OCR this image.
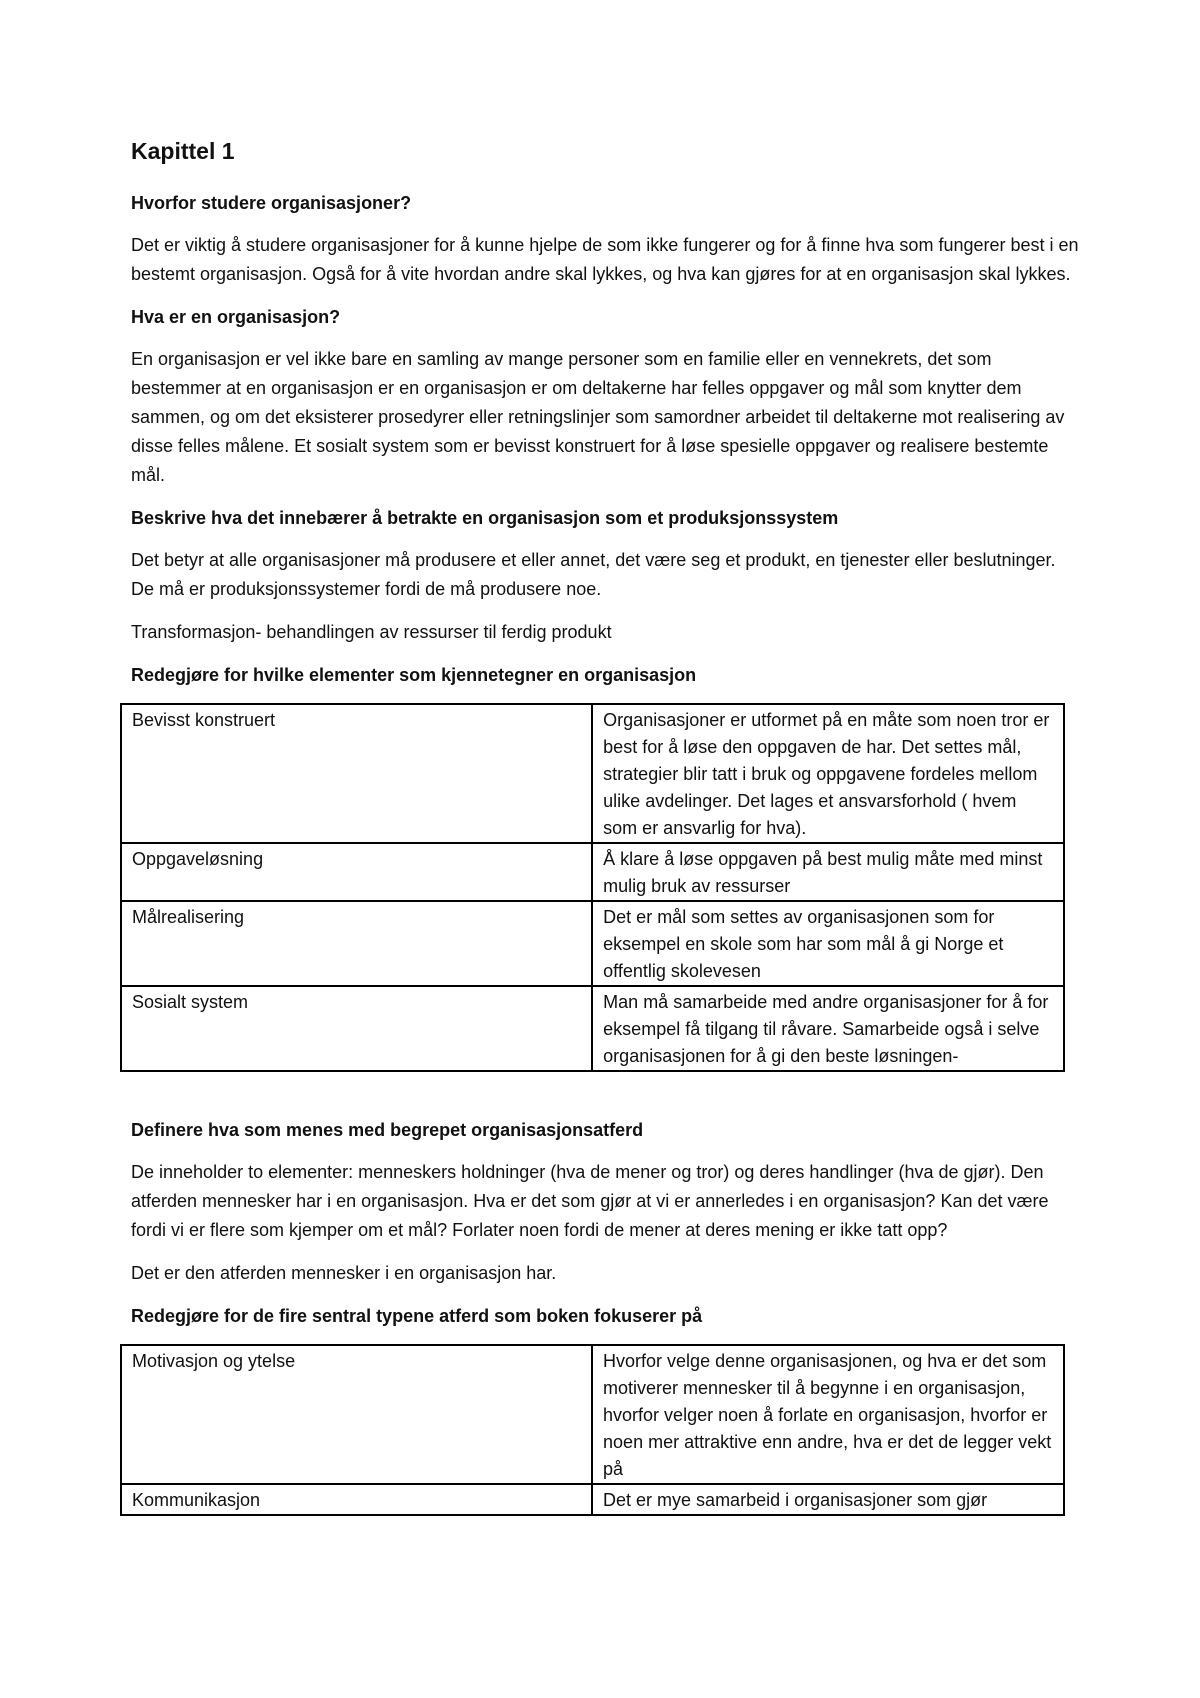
Kapittel 1
Hvorfor studere organisasjoner?

Det er viktig å studere organisasjoner for å kunne hjelpe de som ikke fungerer og for å finne hva som fungerer best i en bestemt organisasjon. Også for å vite hvordan andre skal lykkes, og hva kan gjøres for at en organisasjon skal lykkes.

Hva er en organisasjon?

En organisasjon er vel ikke bare en samling av mange personer som en familie eller en vennekrets, det som bestemmer at en organisasjon er en organisasjon er om deltakerne har felles oppgaver og mål som knytter dem sammen, og om det eksisterer prosedyrer eller retningslinjer som samordner arbeidet til deltakerne mot realisering av disse felles målene. Et sosialt system som er bevisst konstruert for å løse spesielle oppgaver og realisere bestemte mål.

Beskrive hva det innebærer å betrakte en organisasjon som et produksjonssystem

Det betyr at alle organisasjoner må produsere et eller annet, det være seg et produkt, en tjenester eller beslutninger. De må er produksjonssystemer fordi de må produsere noe.

Transformasjon- behandlingen av ressurser til ferdig produkt

Redegjøre for hvilke elementer som kjennetegner en organisasjon
Bevisst konstruert	Organisasjoner er utformet på en måte som noen tror er best for å løse den oppgaven de har. Det settes mål, strategier blir tatt i bruk og oppgavene fordeles mellom ulike avdelinger. Det lages et ansvarsforhold ( hvem som er ansvarlig for hva).
Oppgaveløsning	Å klare å løse oppgaven på best mulig måte med minst mulig bruk av ressurser
Målrealisering	Det er mål som settes av organisasjonen som for eksempel en skole som har som mål å gi Norge et offentlig skolevesen
Sosialt system	Man må samarbeide med andre organisasjoner for å for eksempel få tilgang til råvare. Samarbeide også i selve organisasjonen for å gi den beste løsningen-
Definere hva som menes med begrepet organisasjonsatferd

De inneholder to elementer: menneskers holdninger (hva de mener og tror) og deres handlinger (hva de gjør). Den atferden mennesker har i en organisasjon. Hva er det som gjør at vi er annerledes i en organisasjon? Kan det være fordi vi er flere som kjemper om et mål? Forlater noen fordi de mener at deres mening er ikke tatt opp?

Det er den atferden mennesker i en organisasjon har.

Redegjøre for de fire sentral typene atferd som boken fokuserer på
Motivasjon og ytelse	Hvorfor velge denne organisasjonen, og hva er det som motiverer mennesker til å begynne i en organisasjon, hvorfor velger noen å forlate en organisasjon, hvorfor er noen mer attraktive enn andre, hva er det de legger vekt på
Kommunikasjon	Det er mye samarbeid i organisasjoner som gjør
